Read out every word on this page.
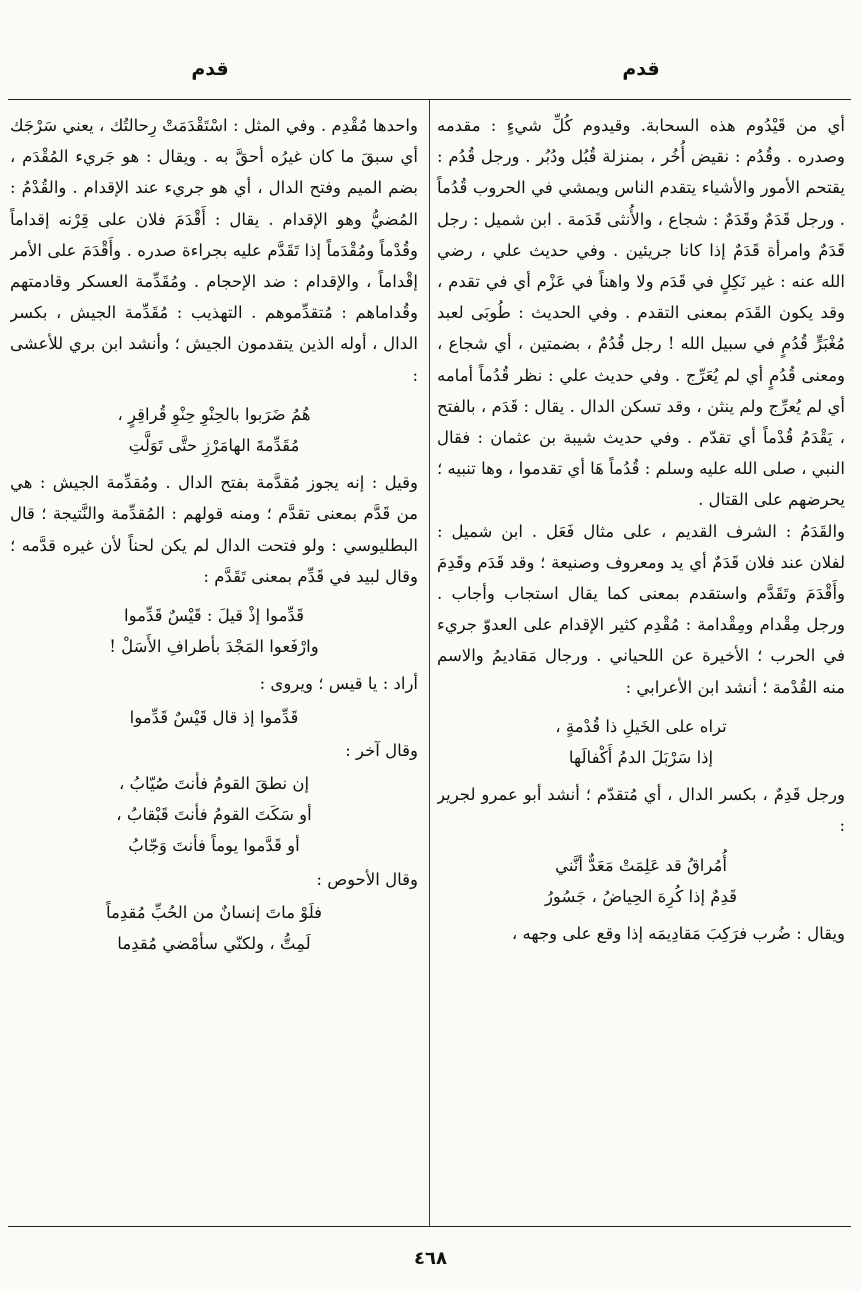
قدم
قدم

أي من قَيْدُوم هذه السحابة. وقيدوم كُلِّ شيءٍ : مقدمه وصدره . وقُدُم : نقيض أُخُر ، بمنزلة قُبُل ودُبُر . ورجل قُدُم : يقتحم الأمور والأشياء يتقدم الناس ويمشي في الحروب قُدُماً . ورجل قَدَمٌ وقَدَمٌ : شجاع ، والأُنثى قَدَمة . ابن شميل : رجل قَدَمٌ وامرأة قَدَمٌ إذا كانا جريئين . وفي حديث علي ، رضي الله عنه : غير نَكِلٍ في قَدَم ولا واهناً في عَزْم أي في تقدم ، وقد يكون القَدَم بمعنى التقدم . وفي الحديث : طُوبَى لعبد مُغْبَرٍّ قُدُمٍ في سبيل الله ! رجل قُدُمٌ ، بضمتين ، أي شجاع ، ومعنى قُدُمٍ أي لم يُعَرِّج . وفي حديث علي : نظر قُدُماً أمامه أي لم يُعرِّج ولم ينثن ، وقد تسكن الدال . يقال : قَدَم ، بالفتح ، يَقْدَمُ قُدْماً أي تقدّم . وفي حديث شيبة بن عثمان : فقال النبي ، صلى الله عليه وسلم : قُدُماً هَا أي تقدموا ، وها تنبيه ؛ يحرضهم على القتال .

والقَدَمُ : الشرف القديم ، على مثال فَعَل . ابن شميل : لفلان عند فلان قَدَمٌ أي يد ومعروف وصنيعة ؛ وقد قَدَم وقَدِمَ وأَقْدَمَ وتَقَدَّم واستقدم بمعنى كما يقال استجاب وأجاب . ورجل مِقْدام ومِقْدامة : مُقْدِم كثير الإقدام على العدوّ جريء في الحرب ؛ الأخيرة عن اللحياني . ورجال مَقاديمُ والاسم منه القُدْمة ؛ أنشد ابن الأعرابي :

تراه على الخَيلِ ذا قُدْمةٍ ،
إذا سَرْبَلَ الدمُ أَكْفالَها

ورجل قَدِمٌ ، بكسر الدال ، أي مُتقدّم ؛ أنشد أبو عمرو لجرير :

أُمُراقُ قد عَلِمَتْ مَعَدٌّ أنَّني
قَدِمٌ إذا كُرِهَ الحِياضُ ، جَسُورُ

ويقال : ضُرب فرَكِبَ مَقادِيمَه إذا وقع على وجهه ،

واحدها مُقْدِم . وفي المثل : اسْتَقْدَمَتْ رِحالتُك ، يعني سَرْجَك أي سبقَ ما كان غيرُه أحقَّ به . ويقال : هو جَريء المُقْدَم ، بضم الميم وفتح الدال ، أي هو جريء عند الإقدام . والقُدْمُ : المُضيُّ وهو الإقدام . يقال : أَقْدَمَ فلان على قِرْنه إقداماً وقُدْماً ومُقْدَماً إذا تَقَدَّم عليه بجراءة صدره . وأَقْدَمَ على الأمر إقْداماً ، والإقدام : ضد الإحجام . ومُقَدِّمة العسكر وقادمتهم وقُداماهم : مُتقدِّموهم . التهذيب : مُقَدِّمة الجيش ، بكسر الدال ، أوله الذين يتقدمون الجيش ؛ وأنشد ابن بري للأعشى :

هُمُ ضَرَبوا بالحِنْوِ حِنْوِ قُراقِرٍ ،
مُقَدِّمةَ الهامَرْزِ حتَّى تَوَلَّتِ

وقيل : إنه يجوز مُقدَّمة بفتح الدال . ومُقدِّمة الجيش : هي من قَدَّم بمعنى تقدَّم ؛ ومنه قولهم : المُقدِّمة والنَّتيجة ؛ قال البطليوسي : ولو فتحت الدال لم يكن لحناً لأن غيره قدَّمه ؛ وقال لبيد في قَدِّم بمعنى تَقَدَّم :

قَدِّموا إذْ قيلَ : قَيْسٌ قَدِّموا
وارْفَعوا المَجْدَ بأطرافِ الأَسَلْ !

أراد : يا قيس ؛ ويروى :

قَدِّموا إذ قال قَيْسٌ قَدِّموا

وقال آخر :

إن نطقَ القومُ فأنتَ صُيّابُ ،
أو سَكَتَ القومُ فأنتَ قَبْقابُ ،
أو قَدَّموا يوماً فأنتَ وَجّابُ

وقال الأحوص :

فلَوْ ماتَ إنسانٌ من الحُبِّ مُقدِماً
لَمِتُّ ، ولكنّي سأمْضي مُقدِما
٤٦٨
